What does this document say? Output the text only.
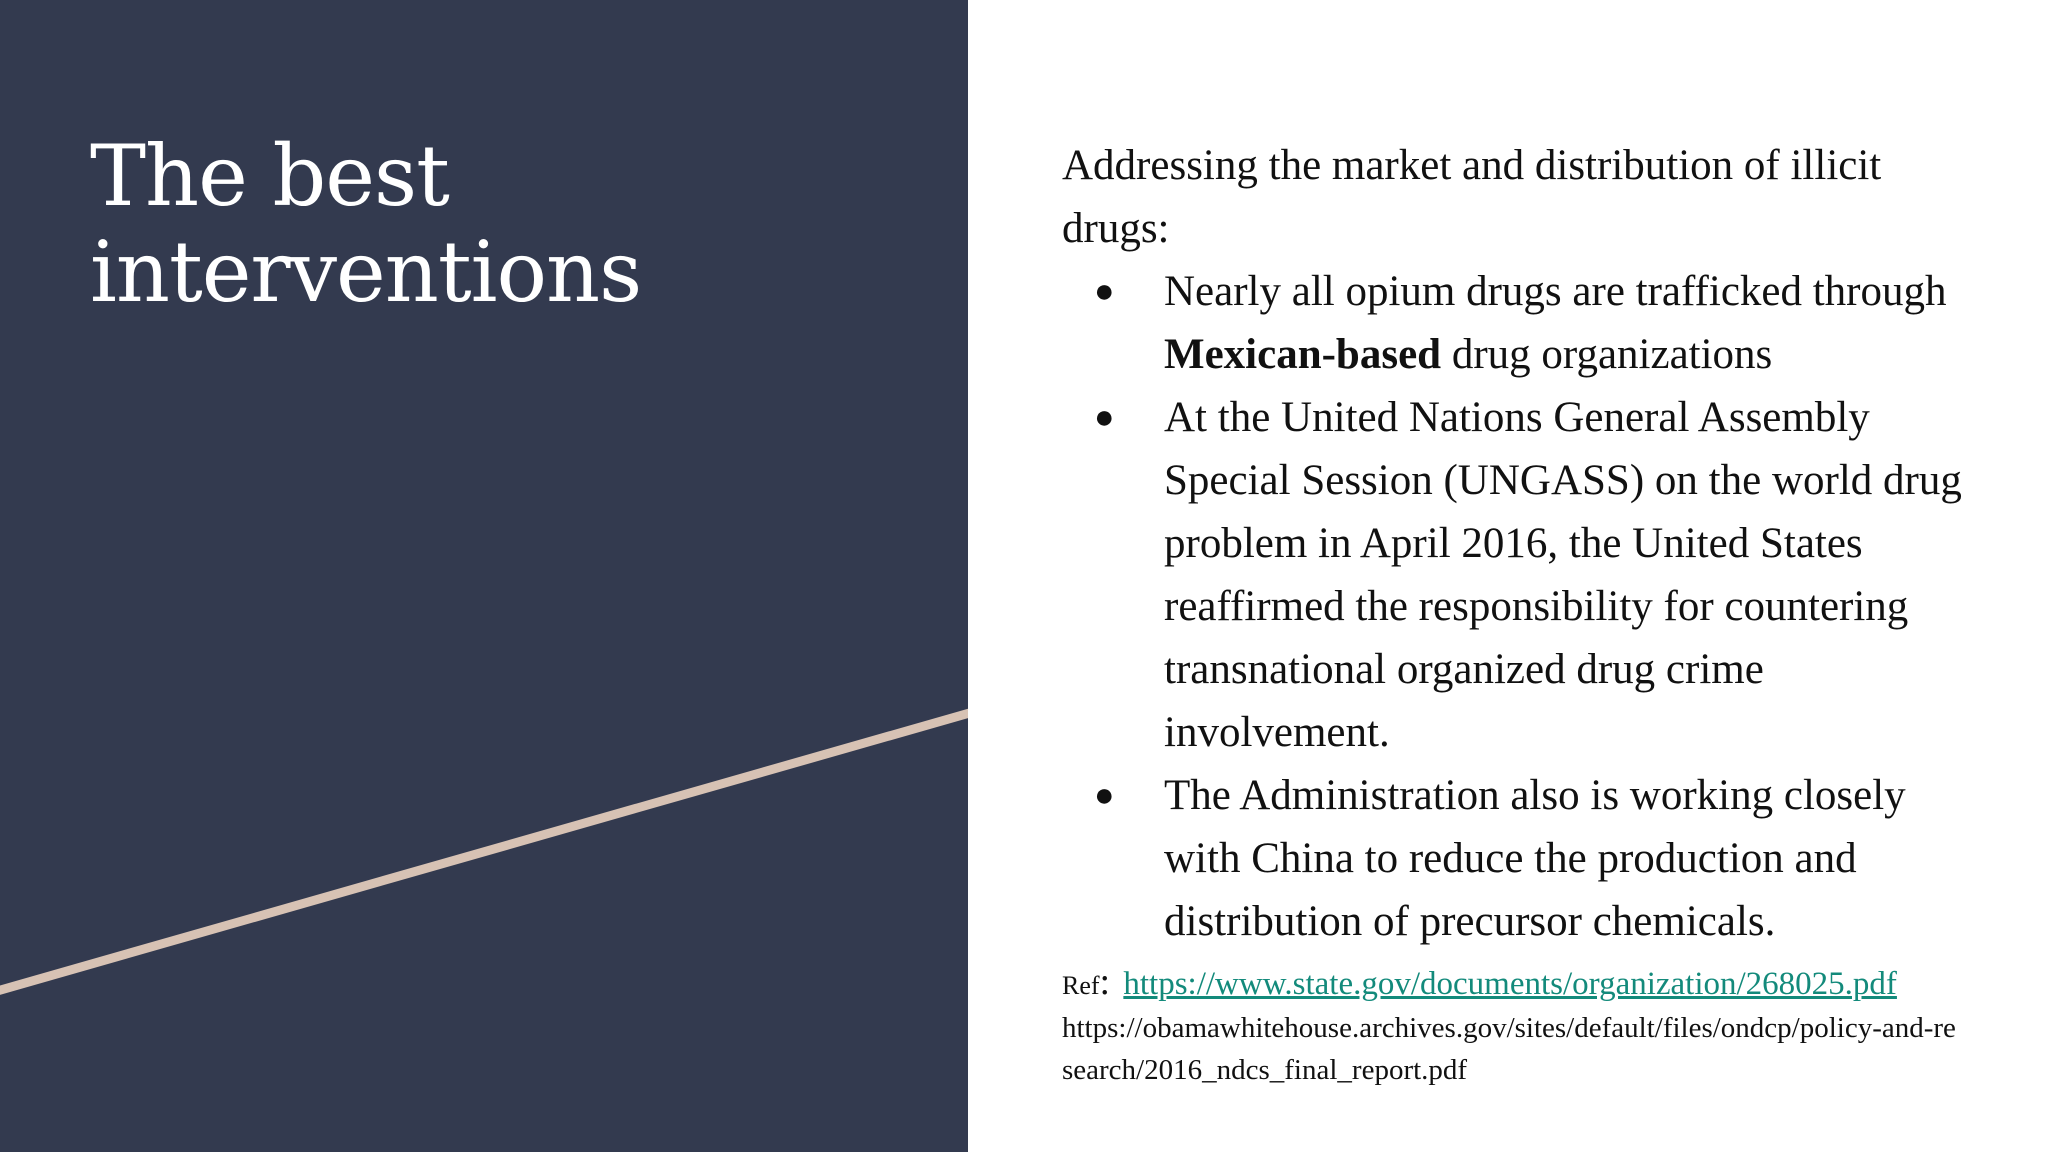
The best
interventions

Addressing the market and distribution of illicit drugs:

● Nearly all opium drugs are trafficked through Mexican-based drug organizations
● At the United Nations General Assembly Special Session (UNGASS) on the world drug problem in April 2016, the United States reaffirmed the responsibility for countering transnational organized drug crime involvement.
● The Administration also is working closely with China to reduce the production and distribution of precursor chemicals.
Ref: https://www.state.gov/documents/organization/268025.pdf

https://obamawhitehouse.archives.gov/sites/default/files/ondcp/policy-and-research/2016_ndcs_final_report.pdf
